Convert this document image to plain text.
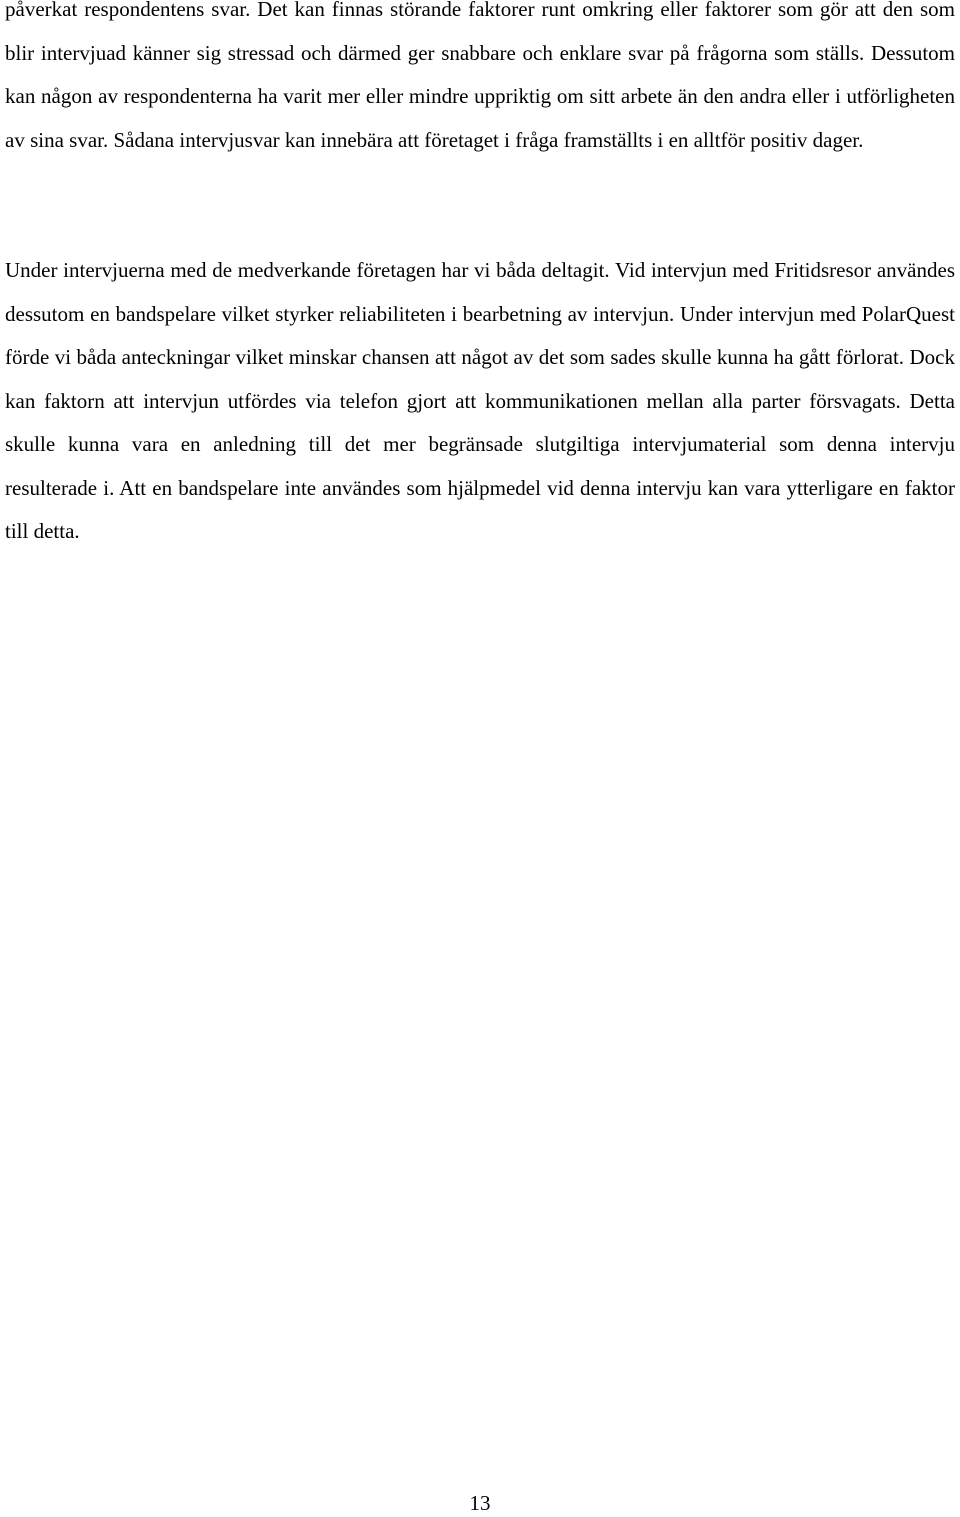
påverkat respondentens svar. Det kan finnas störande faktorer runt omkring eller faktorer som gör att den som blir intervjuad känner sig stressad och därmed ger snabbare och enklare svar på frågorna som ställs. Dessutom kan någon av respondenterna ha varit mer eller mindre uppriktig om sitt arbete än den andra eller i utförligheten av sina svar. Sådana intervjusvar kan innebära att företaget i fråga framställts i en alltför positiv dager.

Under intervjuerna med de medverkande företagen har vi båda deltagit. Vid intervjun med Fritidsresor användes dessutom en bandspelare vilket styrker reliabiliteten i bearbetning av intervjun. Under intervjun med PolarQuest förde vi båda anteckningar vilket minskar chansen att något av det som sades skulle kunna ha gått förlorat. Dock kan faktorn att intervjun utfördes via telefon gjort att kommunikationen mellan alla parter försvagats. Detta skulle kunna vara en anledning till det mer begränsade slutgiltiga intervjumaterial som denna intervju resulterade i. Att en bandspelare inte användes som hjälpmedel vid denna intervju kan vara ytterligare en faktor till detta.

13
